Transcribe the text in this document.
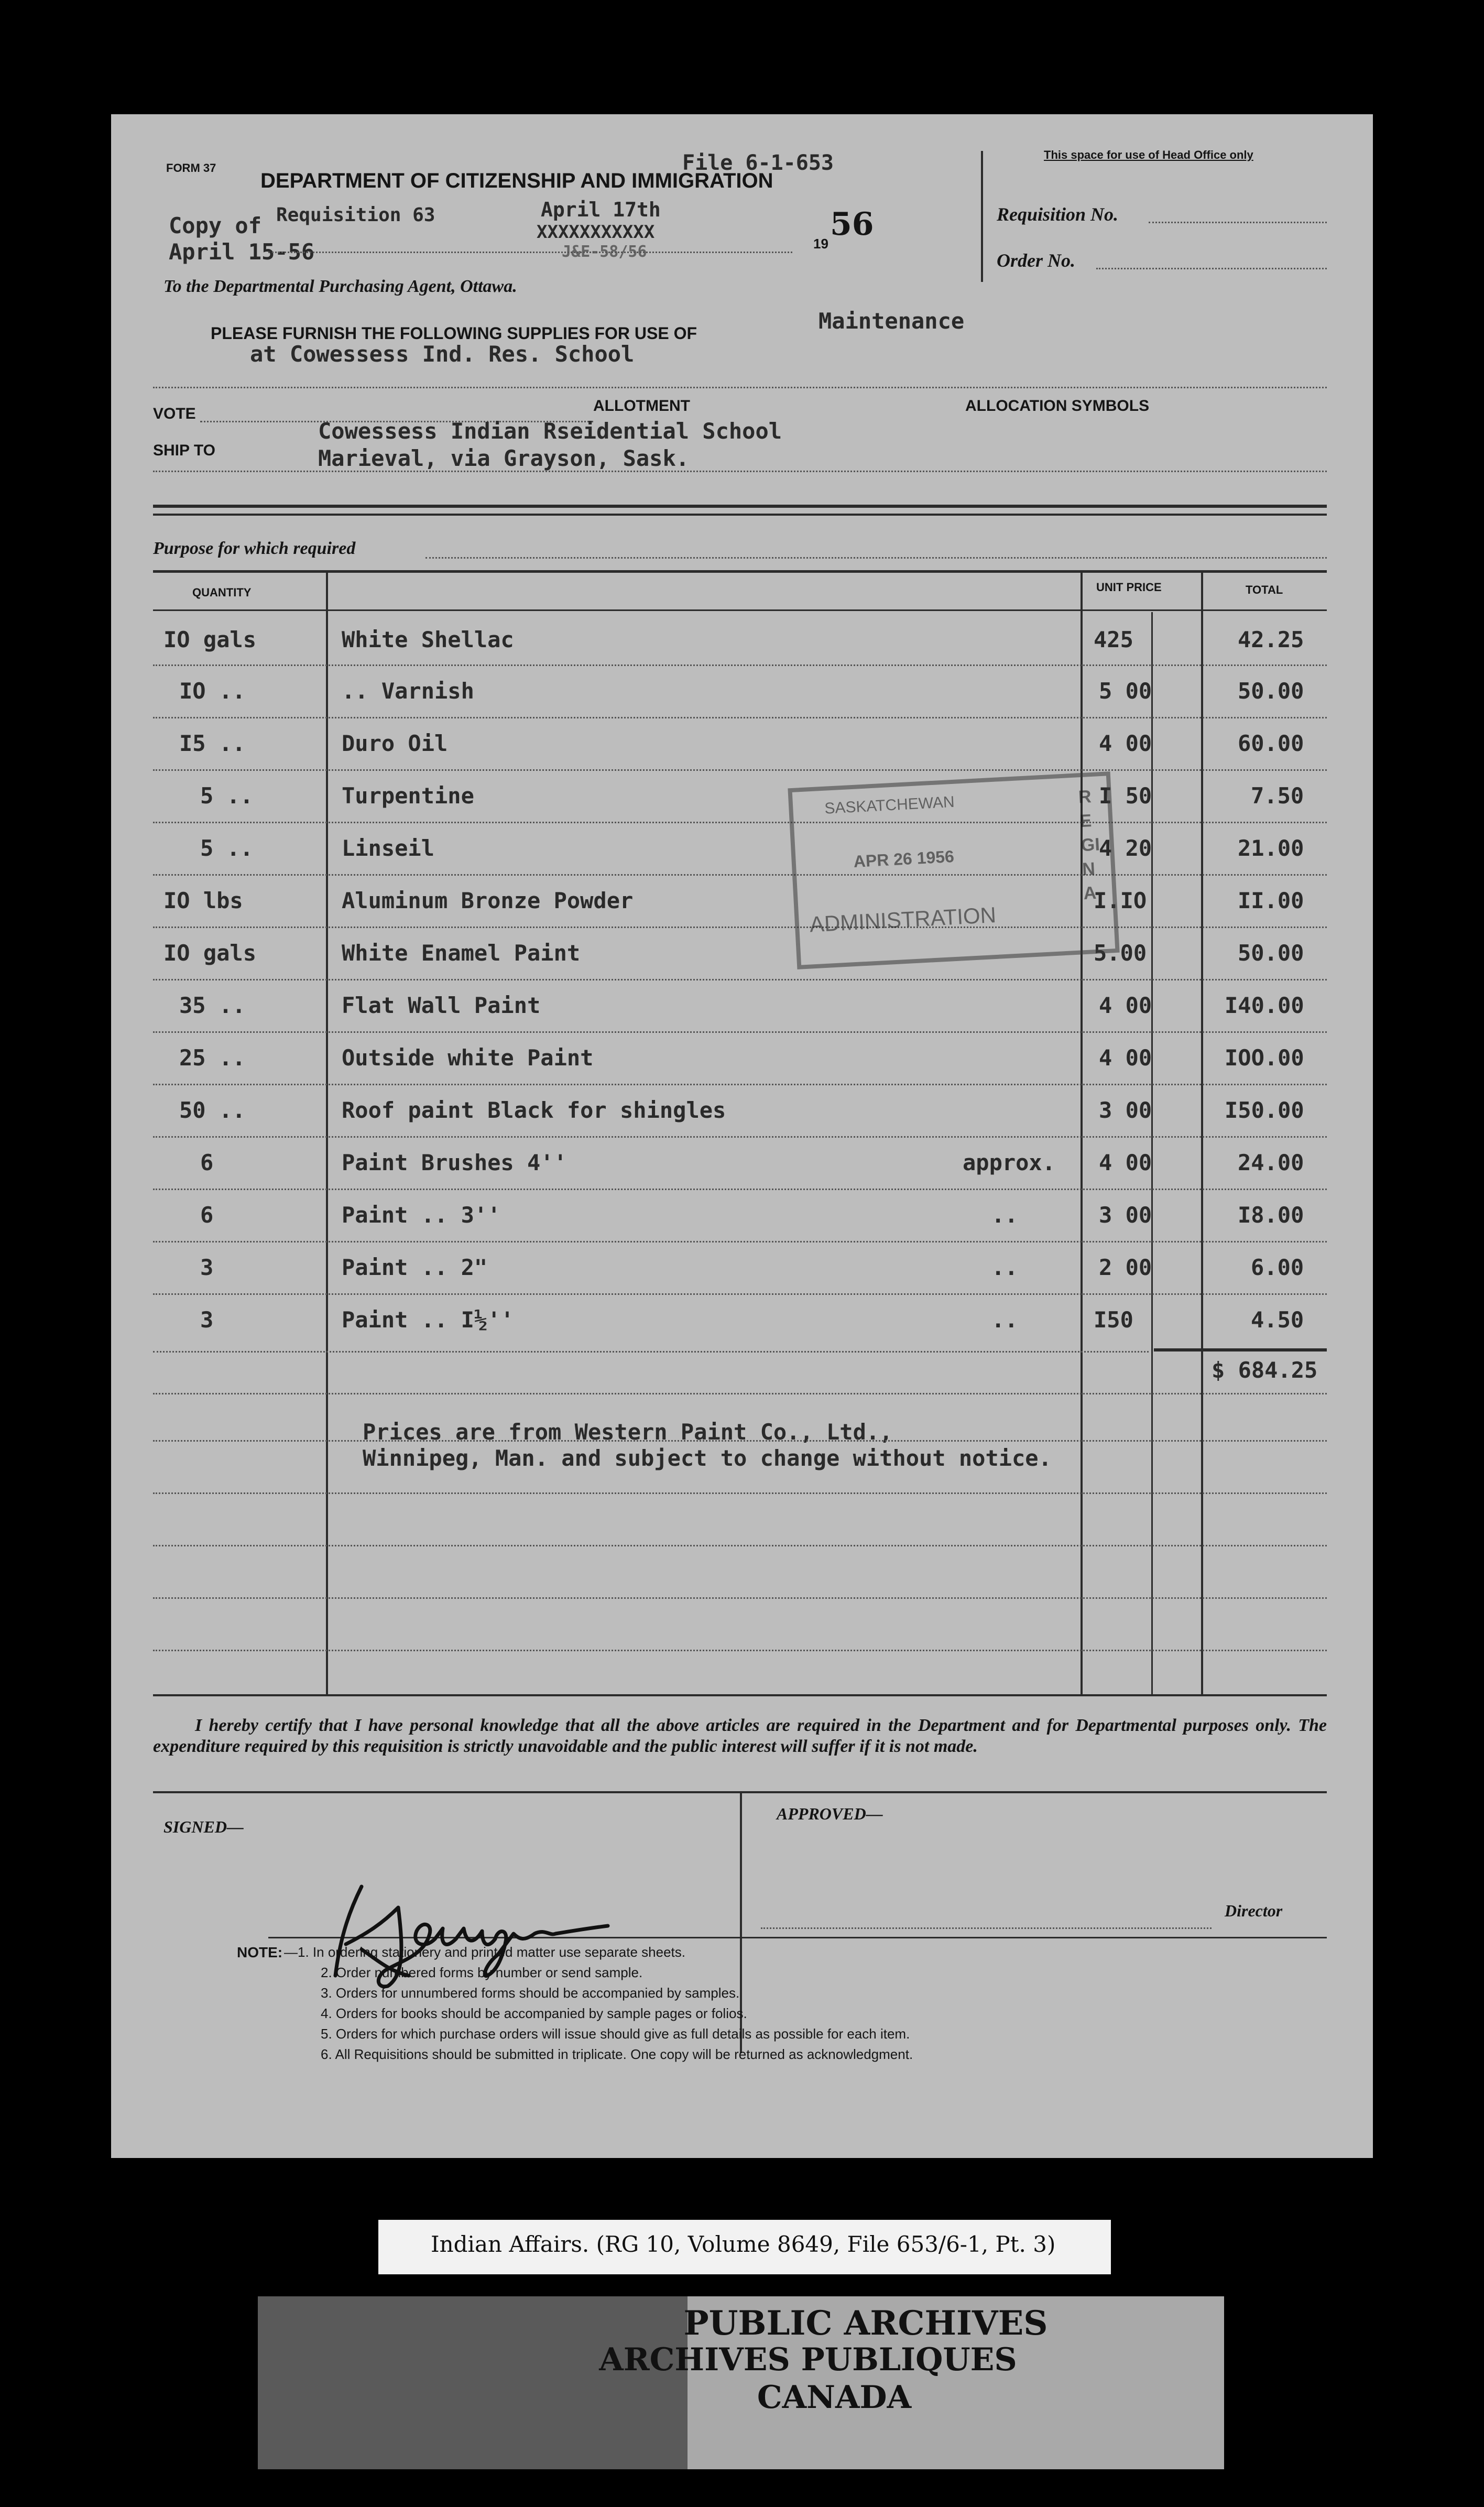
FORM 37
DEPARTMENT OF CITIZENSHIP AND IMMIGRATION
File 6-1-653
Copy of Requisition 63	April 17th
XXXXXXXXXXX
J&E-58/56
April 15-56	19
56
To the Departmental Purchasing Agent, Ottawa.
This space for use of Head Office only
Requisition No.
Order No.
PLEASE FURNISH THE FOLLOWING SUPPLIES FOR USE OF	Maintenance
at Cowessess Ind. Res. School
VOTE	ALLOTMENT	ALLOCATION SYMBOLS
SHIP TO
Cowessess Indian Rseidential School
Marieval, via Grayson, Sask.
Purpose for which required
QUANTITY	UNIT PRICE	TOTAL
IO gals	White Shellac	425	42.25
IO ..	.. Varnish	5 00	50.00
I5 ..	Duro Oil	4 00	60.00
5 ..	Turpentine	I 50	7.50
5 ..	Linseil	4 20	21.00
IO lbs	Aluminum Bronze Powder	I.IO	II.00
IO gals	White Enamel Paint	5.00	50.00
35 ..	Flat Wall Paint	4 00	I40.00
25 ..	Outside white Paint	4 00	IOO.00
50 ..	Roof paint Black for shingles	3 00	I50.00
6	Paint Brushes 4''	approx. 4 00	24.00
6	Paint .. 3''	..	3 00	I8.00
3	Paint .. 2"	..	2 00	6.00
3	Paint .. I½''	..	I50	4.50
$ 684.25
Prices are from Western Paint Co., Ltd.,
Winnipeg, Man. and subject to change without notice.
SASKATCHEWAN
APR 26 1956
ADMINISTRATION
REGINA
I hereby certify that I have personal knowledge that all the above articles are required in the Department and for Departmental purposes only. The expenditure required by this requisition is strictly unavoidable and the public interest will suffer if it is not made.
SIGNED—
APPROVED—
Director
NOTE: —1. In ordering stationery and printed matter use separate sheets.
2. Order numbered forms by number or send sample.
3. Orders for unnumbered forms should be accompanied by samples.
4. Orders for books should be accompanied by sample pages or folios.
5. Orders for which purchase orders will issue should give as full details as possible for each item.
6. All Requisitions should be submitted in triplicate. One copy will be returned as acknowledgment.
Indian Affairs. (RG 10, Volume 8649, File 653/6-1, Pt. 3)
PUBLIC ARCHIVES
ARCHIVES PUBLIQUES
CANADA
